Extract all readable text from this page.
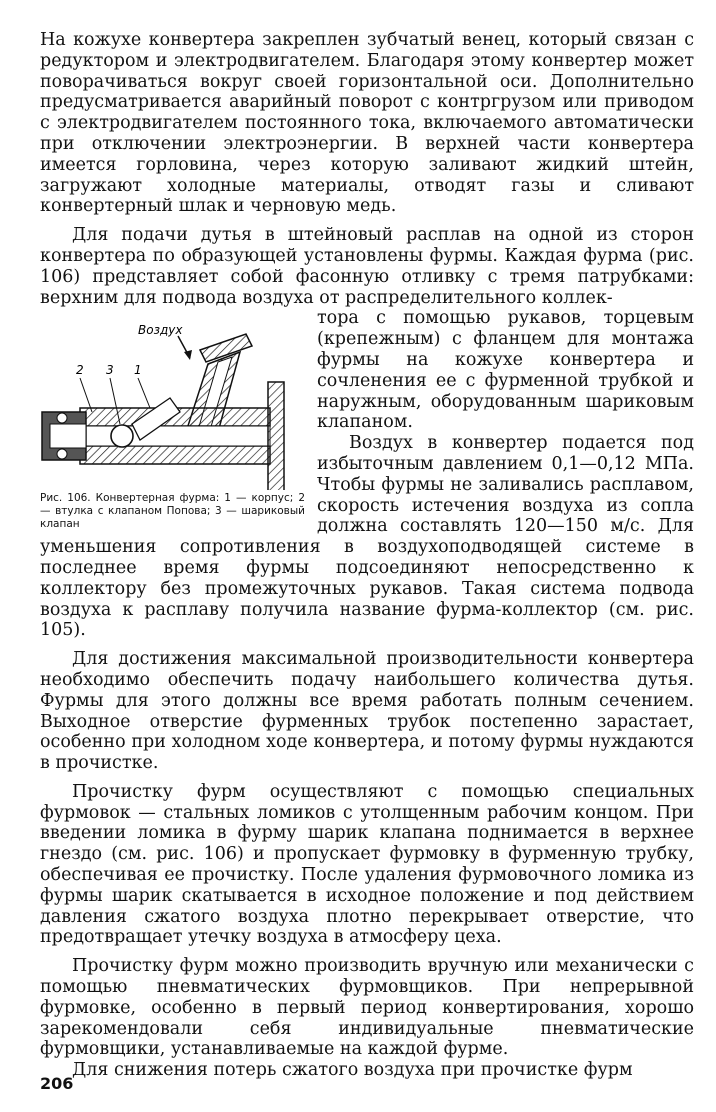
На кожухе конвертера закреплен зубчатый венец, который связан с редуктором и электродвигателем. Благодаря этому конвертер может поворачиваться вокруг своей горизонтальной оси. Дополнительно предусматривается аварийный поворот с контргрузом или приводом с электродвигателем постоянного тока, включаемого автоматически при отключении электроэнергии. В верхней части конвертера имеется горловина, через которую заливают жидкий штейн, загружают холодные материалы, отводят газы и сливают конвертерный шлак и черновую медь.

Для подачи дутья в штейновый расплав на одной из сторон конвертера по образующей установлены фурмы. Каждая фурма (рис. 106) представляет собой фасонную отливку с тремя патрубками: верхним для подвода воздуха от распределительного коллек-

Воздух
2 3 1
Рис. 106. Конвертерная фурма: 1 — корпус; 2 — втулка с клапаном Попова; 3 — шариковый клапан

тора с помощью рукавов, торцевым (крепежным) с фланцем для монтажа фурмы на кожухе конвертера и сочленения ее с фурменной трубкой и наружным, оборудованным шариковым клапаном.

Воздух в конвертер подается под избыточным давлением 0,1—0,12 МПа. Чтобы фурмы не заливались расплавом, скорость истечения воздуха из сопла должна составлять 120—150 м/с. Для уменьшения сопротивления в воздухоподводящей системе в последнее время фурмы подсоединяют непосредственно к коллектору без промежуточных рукавов. Такая система подвода воздуха к расплаву получила название фурма-коллектор (см. рис. 105).

Для достижения максимальной производительности конвертера необходимо обеспечить подачу наибольшего количества дутья. Фурмы для этого должны все время работать полным сечением. Выходное отверстие фурменных трубок постепенно зарастает, особенно при холодном ходе конвертера, и потому фурмы нуждаются в прочистке.

Прочистку фурм осуществляют с помощью специальных фурмовок — стальных ломиков с утолщенным рабочим концом. При введении ломика в фурму шарик клапана поднимается в верхнее гнездо (см. рис. 106) и пропускает фурмовку в фурменную трубку, обеспечивая ее прочистку. После удаления фурмовочного ломика из фурмы шарик скатывается в исходное положение и под действием давления сжатого воздуха плотно перекрывает отверстие, что предотвращает утечку воздуха в атмосферу цеха.

Прочистку фурм можно производить вручную или механически с помощью пневматических фурмовщиков. При непрерывной фурмовке, особенно в первый период конвертирования, хорошо зарекомендовали себя индивидуальные пневматические фурмовщики, устанавливаемые на каждой фурме.

Для снижения потерь сжатого воздуха при прочистке фурм

206
